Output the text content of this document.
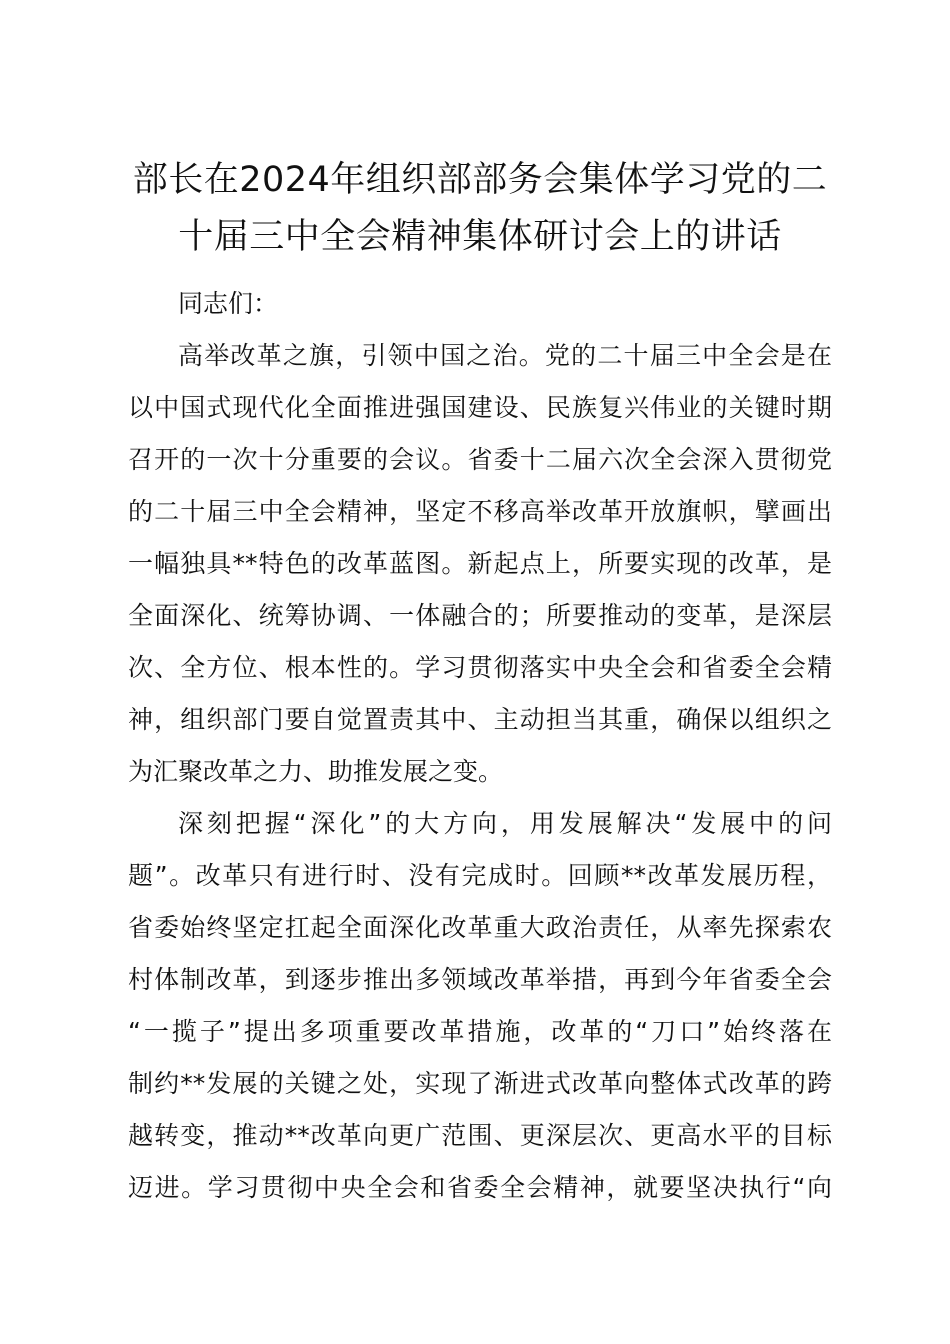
部长在2024年组织部部务会集体学习党的二
十届三中全会精神集体研讨会上的讲话
同志们：
高举改革之旗，引领中国之治。党的二十届三中全会是在
以中国式现代化全面推进强国建设、民族复兴伟业的关键时期
召开的一次十分重要的会议。省委十二届六次全会深入贯彻党
的二十届三中全会精神，坚定不移高举改革开放旗帜，擘画出
一幅独具**特色的改革蓝图。新起点上，所要实现的改革，是
全面深化、统筹协调、一体融合的；所要推动的变革，是深层
次、全方位、根本性的。学习贯彻落实中央全会和省委全会精
神，组织部门要自觉置责其中、主动担当其重，确保以组织之
为汇聚改革之力、助推发展之变。
深刻把握“深化”的大方向，用发展解决“发展中的问
题”。改革只有进行时、没有完成时。回顾**改革发展历程，
省委始终坚定扛起全面深化改革重大政治责任，从率先探索农
村体制改革，到逐步推出多领域改革举措，再到今年省委全会
“一揽子”提出多项重要改革措施，改革的“刀口”始终落在
制约**发展的关键之处，实现了渐进式改革向整体式改革的跨
越转变，推动**改革向更广范围、更深层次、更高水平的目标
迈进。学习贯彻中央全会和省委全会精神，就要坚决执行“向
